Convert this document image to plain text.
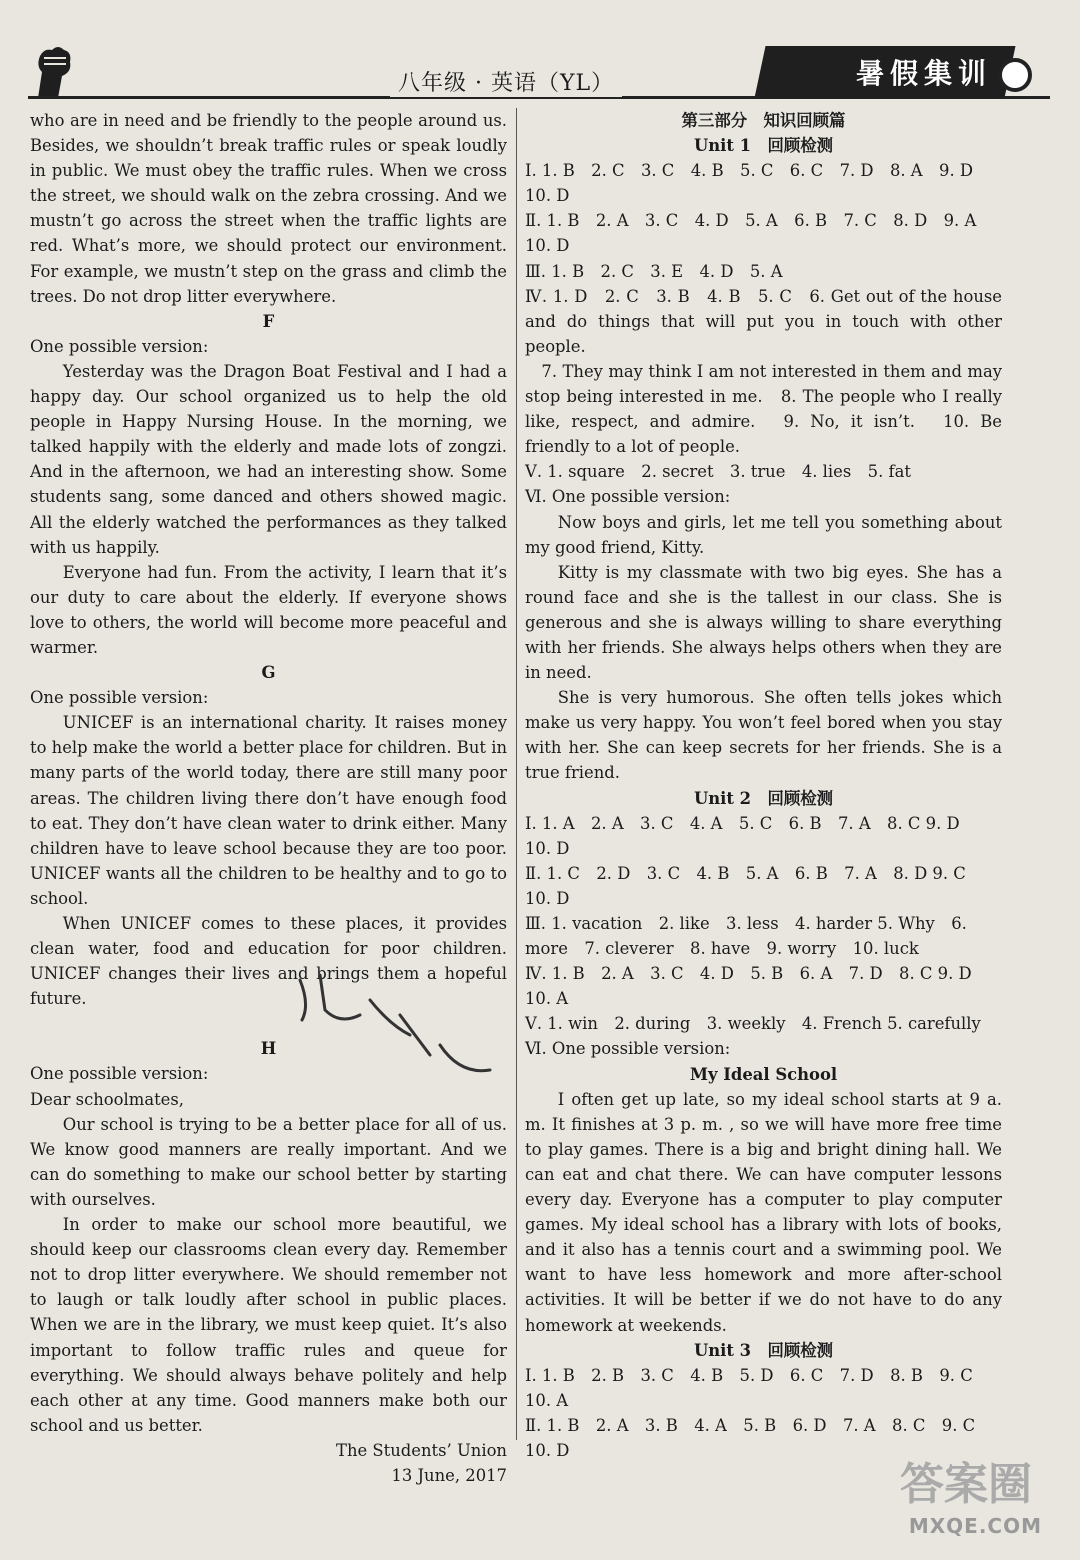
八年级 · 英语（YL）	暑假集训

who are in need and be friendly to the people around us. Besides, we shouldn’t break traffic rules or speak loudly in public. We must obey the traffic rules. When we cross the street, we should walk on the zebra crossing. And we mustn’t go across the street when the traffic lights are red. What’s more, we should protect our environment. For example, we mustn’t step on the grass and climb the trees. Do not drop litter everywhere.

F

One possible version:

Yesterday was the Dragon Boat Festival and I had a happy day. Our school organized us to help the old people in Happy Nursing House. In the morning, we talked happily with the elderly and made lots of zongzi. And in the afternoon, we had an interesting show. Some students sang, some danced and others showed magic. All the elderly watched the performances as they talked with us happily.

Everyone had fun. From the activity, I learn that it’s our duty to care about the elderly. If everyone shows love to others, the world will become more peaceful and warmer.

G

One possible version:

UNICEF is an international charity. It raises money to help make the world a better place for children. But in many parts of the world today, there are still many poor areas. The children living there don’t have enough food to eat. They don’t have clean water to drink either. Many children have to leave school because they are too poor. UNICEF wants all the children to be healthy and to go to school.

When UNICEF comes to these places, it provides clean water, food and education for poor children. UNICEF changes their lives and brings them a hopeful future.

H

One possible version:

Dear schoolmates,

Our school is trying to be a better place for all of us. We know good manners are really important. And we can do something to make our school better by starting with ourselves.

In order to make our school more beautiful, we should keep our classrooms clean every day. Remember not to drop litter everywhere. We should remember not to laugh or talk loudly after school in public places. When we are in the library, we must keep quiet. It’s also important to follow traffic rules and queue for everything. We should always behave politely and help each other at any time. Good manners make both our school and us better.

The Students’ Union

13 June, 2017

第三部分　知识回顾篇

Unit 1　回顾检测

Ⅰ. 1. B　2. C　3. C　4. B　5. C　6. C　7. D　8. A　9. D 10. D

Ⅱ. 1. B　2. A　3. C　4. D　5. A　6. B　7. C　8. D　9. A 10. D

Ⅲ. 1. B　2. C　3. E　4. D　5. A

Ⅳ. 1. D　2. C　3. B　4. B　5. C　6. Get out of the house and do things that will put you in touch with other people.

7. They may think I am not interested in them and may stop being interested in me.　8. The people who I really like, respect, and admire.　9. No, it isn’t.　10. Be friendly to a lot of people.

Ⅴ. 1. square　2. secret　3. true　4. lies　5. fat

Ⅵ. One possible version:

Now boys and girls, let me tell you something about my good friend, Kitty.

Kitty is my classmate with two big eyes. She has a round face and she is the tallest in our class. She is generous and she is always willing to share everything with her friends. She always helps others when they are in need.

She is very humorous. She often tells jokes which make us very happy. You won’t feel bored when you stay with her. She can keep secrets for her friends. She is a true friend.

Unit 2　回顾检测

Ⅰ. 1. A　2. A　3. C　4. A　5. C　6. B　7. A　8. C 9. D　10. D

Ⅱ. 1. C　2. D　3. C　4. B　5. A　6. B　7. A　8. D 9. C　10. D

Ⅲ. 1. vacation　2. like　3. less　4. harder 5. Why　6. more　7. cleverer　8. have　9. worry　10. luck

Ⅳ. 1. B　2. A　3. C　4. D　5. B　6. A　7. D　8. C 9. D　10. A

Ⅴ. 1. win　2. during　3. weekly　4. French 5. carefully

Ⅵ. One possible version:

My Ideal School

I often get up late, so my ideal school starts at 9 a. m. It finishes at 3 p. m. , so we will have more free time to play games. There is a big and bright dining hall. We can eat and chat there. We can have computer lessons every day. Everyone has a computer to play computer games. My ideal school has a library with lots of books, and it also has a tennis court and a swimming pool. We want to have less homework and more after-school activities. It will be better if we do not have to do any homework at weekends.

Unit 3　回顾检测

Ⅰ. 1. B　2. B　3. C　4. B　5. D　6. C　7. D　8. B　9. C 10. A

Ⅱ. 1. B　2. A　3. B　4. A　5. B　6. D　7. A　8. C　9. C 10. D

答案圈
MXQE.COM
